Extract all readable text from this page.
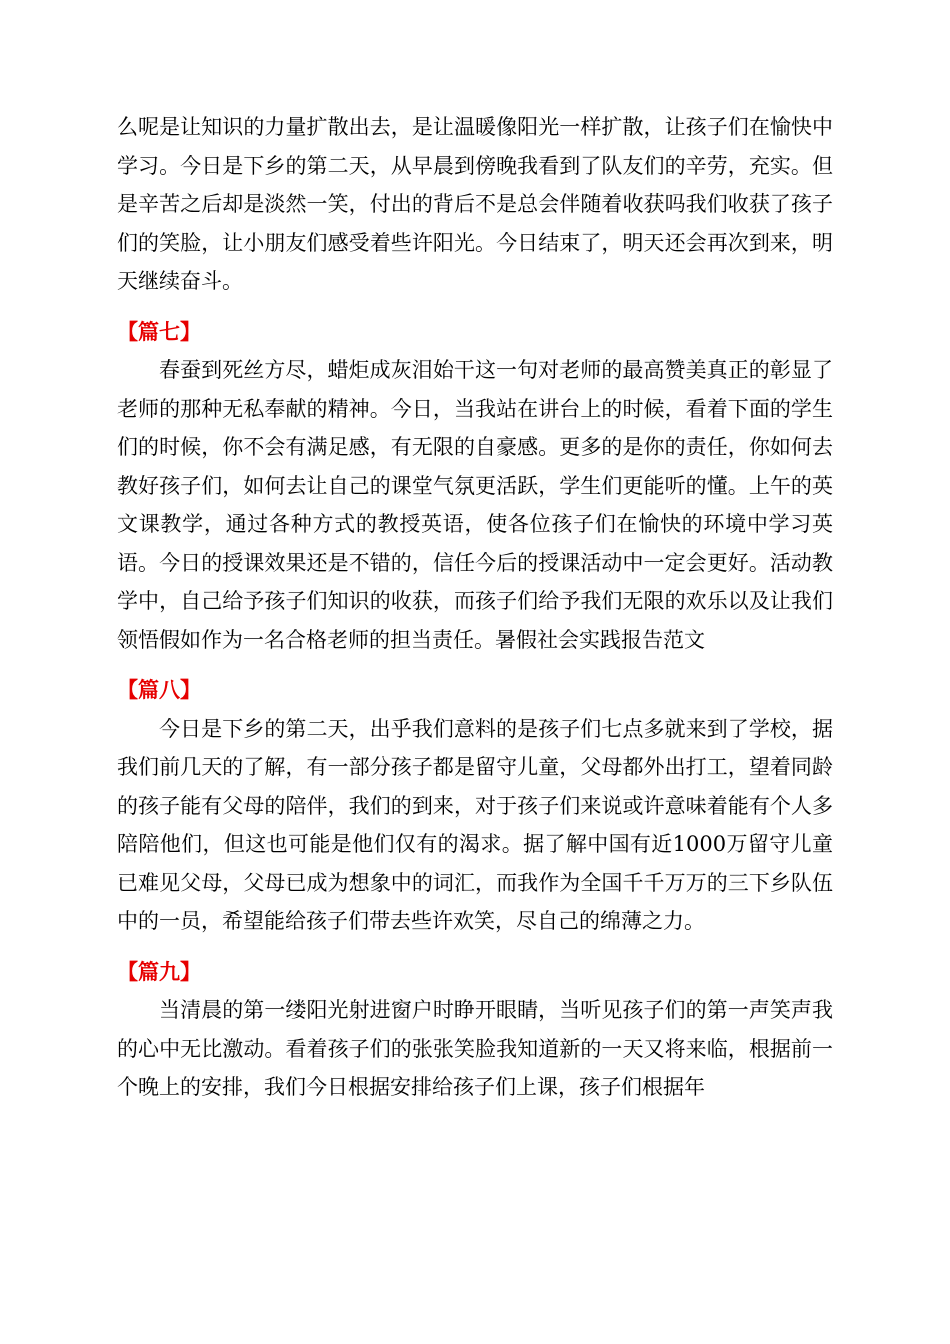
么呢是让知识的力量扩散出去，是让温暖像阳光一样扩散，让孩子们在愉快中学习。今日是下乡的第二天，从早晨到傍晚我看到了队友们的辛劳，充实。但是辛苦之后却是淡然一笑，付出的背后不是总会伴随着收获吗我们收获了孩子们的笑脸，让小朋友们感受着些许阳光。今日结束了，明天还会再次到来，明天继续奋斗。

【篇七】

春蚕到死丝方尽，蜡炬成灰泪始干这一句对老师的最高赞美真正的彰显了老师的那种无私奉献的精神。今日，当我站在讲台上的时候，看着下面的学生们的时候，你不会有满足感，有无限的自豪感。更多的是你的责任，你如何去教好孩子们，如何去让自己的课堂气氛更活跃，学生们更能听的懂。上午的英文课教学，通过各种方式的教授英语，使各位孩子们在愉快的环境中学习英语。今日的授课效果还是不错的，信任今后的授课活动中一定会更好。活动教学中，自己给予孩子们知识的收获，而孩子们给予我们无限的欢乐以及让我们领悟假如作为一名合格老师的担当责任。暑假社会实践报告范文

【篇八】

今日是下乡的第二天，出乎我们意料的是孩子们七点多就来到了学校，据我们前几天的了解，有一部分孩子都是留守儿童，父母都外出打工，望着同龄的孩子能有父母的陪伴，我们的到来，对于孩子们来说或许意味着能有个人多陪陪他们，但这也可能是他们仅有的渴求。据了解中国有近1000万留守儿童已难见父母，父母已成为想象中的词汇，而我作为全国千千万万的三下乡队伍中的一员，希望能给孩子们带去些许欢笑，尽自己的绵薄之力。

【篇九】

当清晨的第一缕阳光射进窗户时睁开眼睛，当听见孩子们的第一声笑声我的心中无比激动。看着孩子们的张张笑脸我知道新的一天又将来临，根据前一个晚上的安排，我们今日根据安排给孩子们上课，孩子们根据年
